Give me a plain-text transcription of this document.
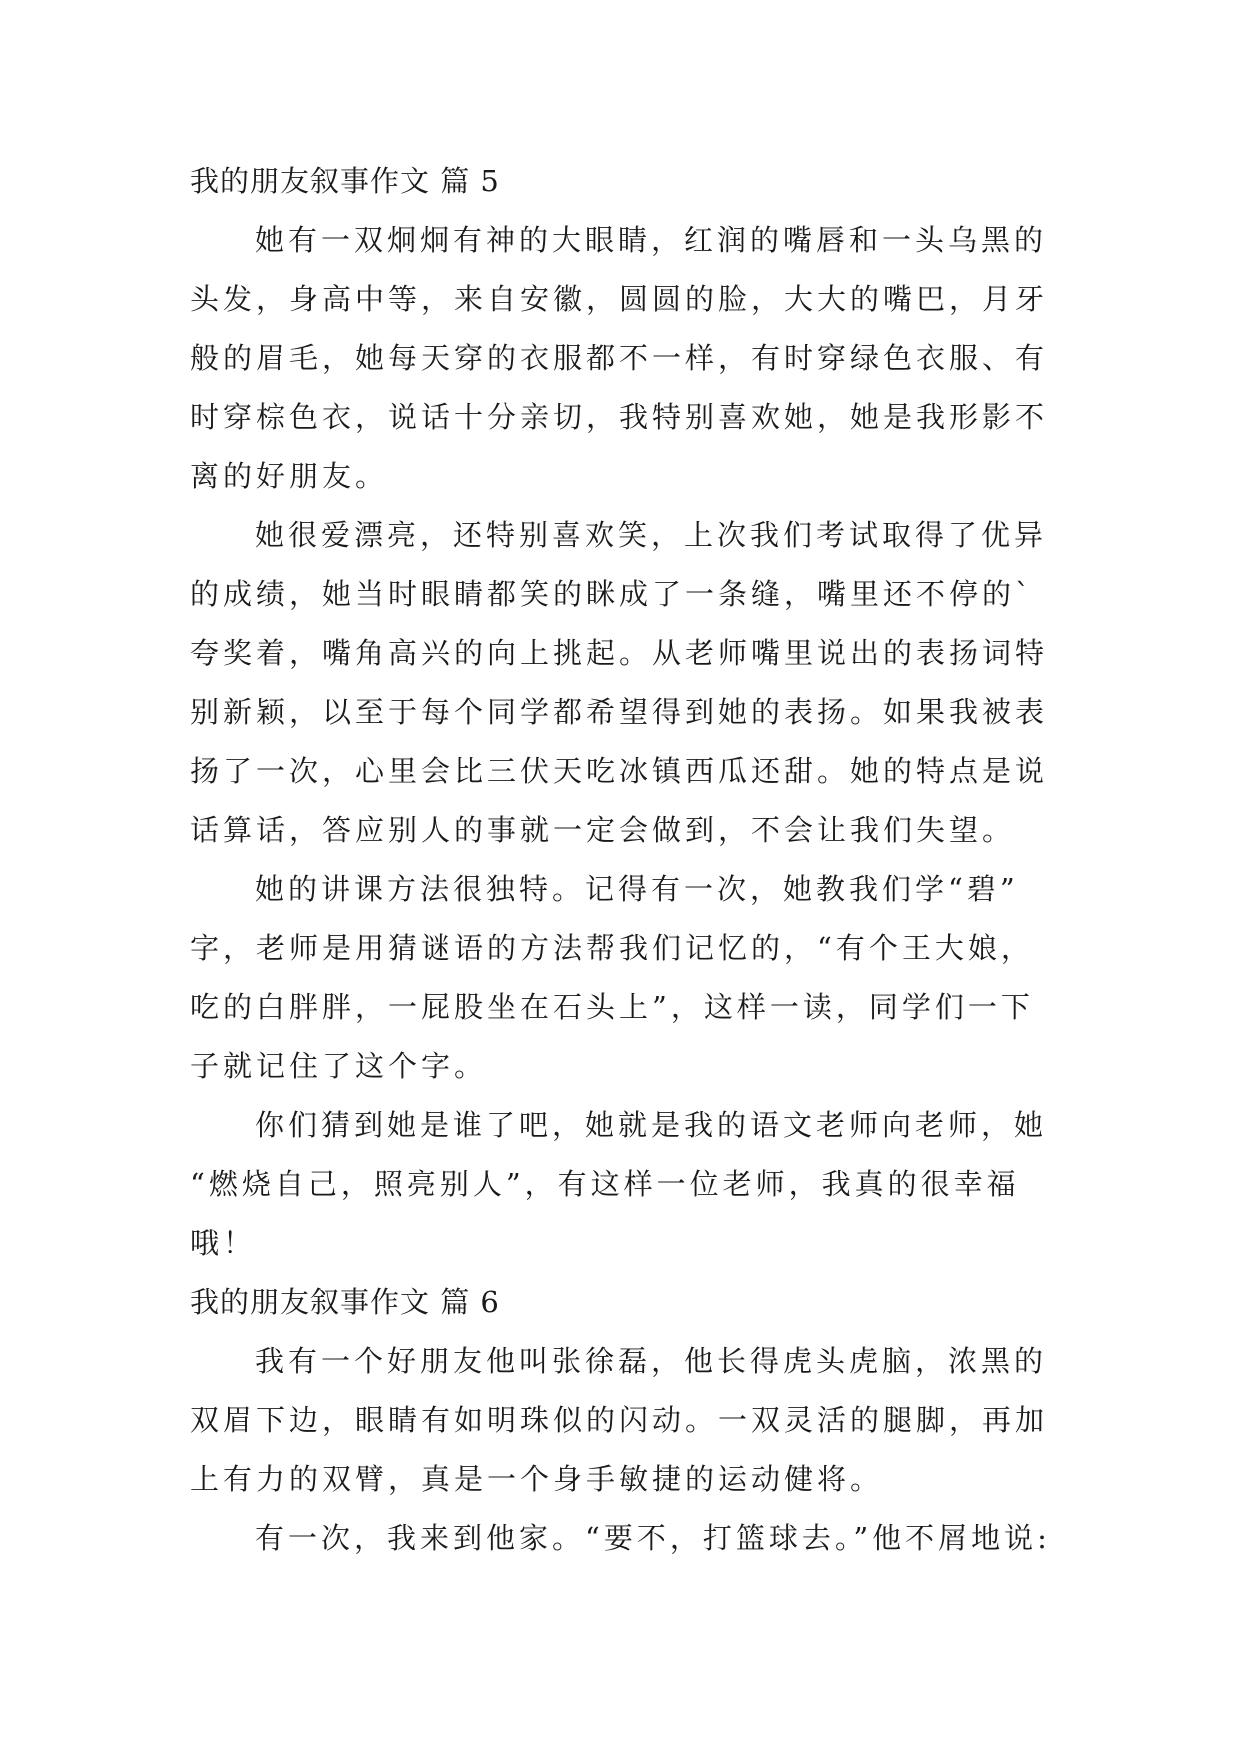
我的朋友叙事作文 篇 5
她有一双炯炯有神的大眼睛，红润的嘴唇和一头乌黑的
头发，身高中等，来自安徽，圆圆的脸，大大的嘴巴，月牙
般的眉毛，她每天穿的衣服都不一样，有时穿绿色衣服、有
时穿棕色衣，说话十分亲切，我特别喜欢她，她是我形影不
离的好朋友。
她很爱漂亮，还特别喜欢笑，上次我们考试取得了优异
的成绩，她当时眼睛都笑的眯成了一条缝，嘴里还不停的`
夸奖着，嘴角高兴的向上挑起。从老师嘴里说出的表扬词特
别新颖，以至于每个同学都希望得到她的表扬。如果我被表
扬了一次，心里会比三伏天吃冰镇西瓜还甜。她的特点是说
话算话，答应别人的事就一定会做到，不会让我们失望。
她的讲课方法很独特。记得有一次，她教我们学“碧”
字，老师是用猜谜语的方法帮我们记忆的，“有个王大娘，
吃的白胖胖，一屁股坐在石头上”，这样一读，同学们一下
子就记住了这个字。
你们猜到她是谁了吧，她就是我的语文老师向老师，她
“燃烧自己，照亮别人”，有这样一位老师，我真的很幸福
哦！
我的朋友叙事作文 篇 6
我有一个好朋友他叫张徐磊，他长得虎头虎脑，浓黑的
双眉下边，眼睛有如明珠似的闪动。一双灵活的腿脚，再加
上有力的双臂，真是一个身手敏捷的运动健将。
有一次，我来到他家。“要不，打篮球去。”他不屑地说:
